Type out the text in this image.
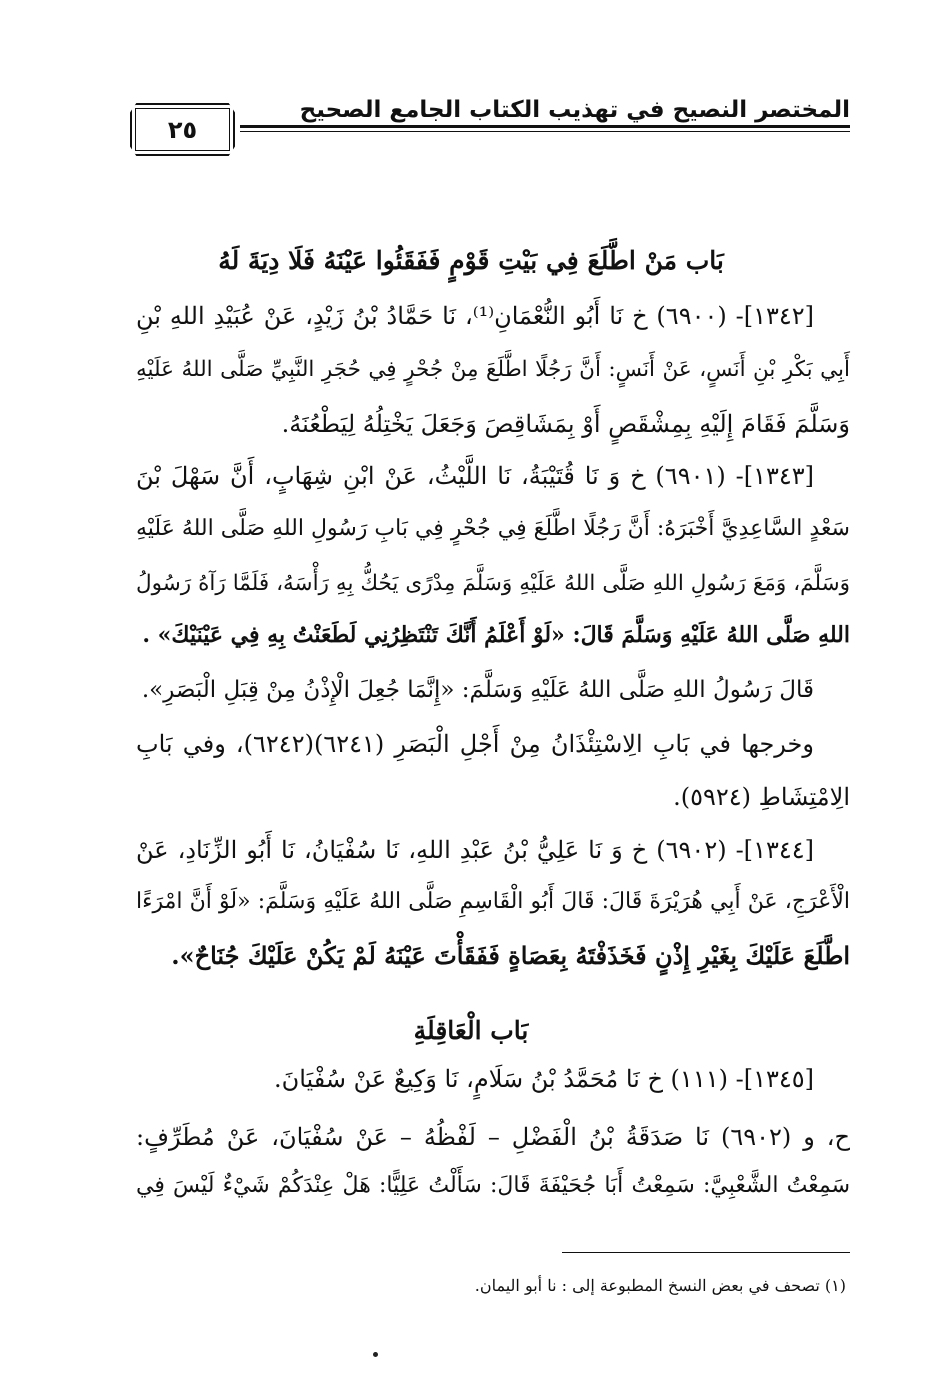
المختصر النصيح في تهذيب الكتاب الجامع الصحيح
٢٥
بَاب مَنْ اطَّلَعَ فِي بَيْتِ قَوْمٍ فَفَقَئُوا عَيْنَهُ فَلَا دِيَةَ لَهُ
[١٣٤٢]- (٦٩٠٠) خ نَا أَبُو النُّعْمَانِ⁽¹⁾، نَا حَمَّادُ بْنُ زَيْدٍ، عَنْ عُبَيْدِ اللهِ بْنِ
أَبِي بَكْرِ بْنِ أَنَسٍ، عَنْ أَنَسٍ: أَنَّ رَجُلًا اطَّلَعَ مِنْ جُحْرٍ فِي حُجَرِ النَّبِيِّ صَلَّى اللهُ عَلَيْهِ
وَسَلَّمَ فَقَامَ إِلَيْهِ بِمِشْقَصٍ أَوْ بِمَشَاقِصَ وَجَعَلَ يَخْتِلُهُ لِيَطْعُنَهُ.
[١٣٤٣]- (٦٩٠١) خ وَ نَا قُتَيْبَةُ، نَا اللَّيْثُ، عَنْ ابْنِ شِهَابٍ، أَنَّ سَهْلَ بْنَ
سَعْدٍ السَّاعِدِيَّ أَخْبَرَهُ: أَنَّ رَجُلًا اطَّلَعَ فِي جُحْرٍ فِي بَابِ رَسُولِ اللهِ صَلَّى اللهُ عَلَيْهِ
وَسَلَّمَ، وَمَعَ رَسُولِ اللهِ صَلَّى اللهُ عَلَيْهِ وَسَلَّمَ مِدْرًى يَحُكُّ بِهِ رَأْسَهُ، فَلَمَّا رَآهُ رَسُولُ
اللهِ صَلَّى اللهُ عَلَيْهِ وَسَلَّمَ قَالَ: «لَوْ أَعْلَمُ أَنَّكَ تَنْتَظِرُنِي لَطَعَنْتُ بِهِ فِي عَيْنَيْكَ» .
قَالَ رَسُولُ اللهِ صَلَّى اللهُ عَلَيْهِ وَسَلَّمَ: «إِنَّمَا جُعِلَ الْإِذْنُ مِنْ قِبَلِ الْبَصَرِ».
وخرجها في بَابِ الِاسْتِئْذَانُ مِنْ أَجْلِ الْبَصَرِ (٦٢٤١)(٦٢٤٢)، وفي بَابِ
الِامْتِشَاطِ (٥٩٢٤).
[١٣٤٤]- (٦٩٠٢) خ وَ نَا عَلِيُّ بْنُ عَبْدِ اللهِ، نَا سُفْيَانُ، نَا أَبُو الزِّنَادِ، عَنْ
الْأَعْرَجِ، عَنْ أَبِي هُرَيْرَةَ قَالَ: قَالَ أَبُو الْقَاسِمِ صَلَّى اللهُ عَلَيْهِ وَسَلَّمَ: «لَوْ أَنَّ امْرَءًا
اطَّلَعَ عَلَيْكَ بِغَيْرِ إِذْنٍ فَخَذَفْتَهُ بِعَصَاةٍ فَفَقَأْتَ عَيْنَهُ لَمْ يَكُنْ عَلَيْكَ جُنَاحٌ».
بَاب الْعَاقِلَةِ
[١٣٤٥]- (١١١) خ نَا مُحَمَّدُ بْنُ سَلَامٍ، نَا وَكِيعٌ عَنْ سُفْيَانَ.
ح، و (٦٩٠٢) نَا صَدَقَةُ بْنُ الْفَضْلِ – لَفْظُهُ – عَنْ سُفْيَانَ، عَنْ مُطَرِّفٍ:
سَمِعْتُ الشَّعْبِيَّ: سَمِعْتُ أَبَا جُحَيْفَةَ قَالَ: سَأَلْتُ عَلِيًّا: هَلْ عِنْدَكُمْ شَيْءٌ لَيْسَ فِي
(١) تصحف في بعض النسخ المطبوعة إلى : نا أبو اليمان.
